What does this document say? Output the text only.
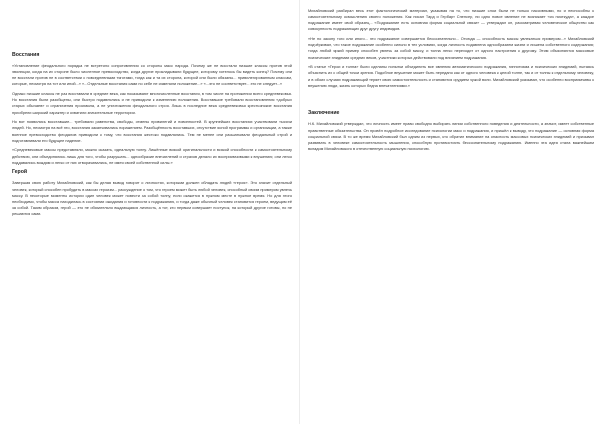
Восстания

«Установление феодального порядка не встретило сопротивления со стороны масс народа. Почему же не восстали низшие классы против этой эволюции, когда на их стороне было численное превосходство, когда другие прокладывали будущее, которому хотелось бы видеть конец? Почему они не восстали против не в соответствии с повседневными тяготами, тогда как и та их сторона, которой они были обязаны... привилегированным классам, которые, несмотря на тот или иной...» «...Отдельные восстания сами по себе не изменили положение...» «...это не соответствует... это не следует...»

Однако низшие классы не раз восставали в средние века, как показывают многочисленные восстания, в том числе на протяжении всего средневековья. Но восстания были разобщены, они быстро подавлялись и не приводили к изменению положения. Восставшие требовали восстановления «добрых старых обычаев» и ограничения произвола, а не уничтожения феодального строя. Лишь в последние века средневековья крестьянские восстания приобрели широкий характер и охватили значительные территории.

Но вот появились восставшие... требовали равенства, свободы, отмены привилегий и повинностей. В крупнейших восстаниях участвовали тысячи людей. Но, несмотря на всё это, восстания заканчивались поражением. Разобщённость восставших, отсутствие ясной программы и организации, а также военное превосходство феодалов приводили к тому, что восстания жестоко подавлялись. Тем не менее они расшатывали феодальный строй и подготавливали его будущее падение.

«Средневековые массы представляли, можно сказать, идеальную толпу. Лишённые всякой оригинальности и всякой способности к самостоятельному действию, они объединялись лишь для того, чтобы разрушать... однообразие впечатлений и страхов делало их восприимчивыми к внушению; они легко поддавались вождям и легко от них отворачивались, не имея своей собственной силы.»

Герой

Завершая свою работу Михайловский, как бы делая вывод говорит о личностях, которыми должен обладать людей «героя». Это значит отдельный человек, который способен пробудить в массах героизм... рассуждение о том, что героем может быть любой человек, способный своим примером увлечь массу. В некоторые моменты истории один человек может повести за собой толпу, если окажется в нужном месте в нужное время. Но для этого необходимо, чтобы масса находилась в состоянии ожидания и готовности к подражанию, и тогда даже обычный человек становится героем, ведущим её за собой. Таким образом, герой — это не обязательно выдающаяся личность, а тот, кто первым совершает поступок, на который другие готовы, но не решаются сами.

Михайловский разбирал весь этот фактологический материал, указывая на то, что низшие слои были не только пассивными, но и неспособны к самостоятельному осмыслению своего положения. Как писал Тард и Гербарт Спенсер, ни одно новое явление не возникает «из ниоткуда», а каждое подражание имеет свой образец... «Подражание есть основная форма социальной связи» — утверждал он, рассматривая человеческое общество как совокупность подражающих друг другу индивидов.

«Не по закону того или иного... это подражание совершается бессознательно... Отсюда — способность массы увлекаться примером...» Михайловский подчёркивал, что такое подражание особенно сильно в тех условиях, когда личность подавлена однообразием жизни и лишена собственного содержания; тогда любой яркий пример способен увлечь за собой массу, и толпа легко переходит от одного настроения к другому. Этим объясняются массовые психические эпидемии средних веков, участники которых действовали под влиянием подражания.

«В статье «Герои и толпа» были сделаны попытки объединить все явления автоматического подражания, гипнотизма и психических эпидемий, пытаясь объяснить их с общей точки зрения. Подобное внушение может быть передано как от одного человека к целой толпе, так и от толпы к отдельному человеку, и в обоих случаях подражающий теряет свою самостоятельность и становится орудием чужой воли. Михайловский указывал, что особенно восприимчивы к внушению люди, жизнь которых бедна впечатлениями.»

Заключение

Н.К. Михайловский утверждал, что личность имеет право свободно выбирать линии собственного поведения и деятельности, а значит, имеет собственные нравственные обязательства. Он провёл подробное исследование психологии масс и подражания, и пришёл к выводу, что подражание — основная форма социальной связи. В то же время Михайловский был одним из первых, кто обратил внимание на опасность массовых психических эпидемий и призывал развивать в человеке самостоятельность мышления, способную противостоять бессознательному подражанию. Именно эта идея стала важнейшим вкладом Михайловского в отечественную социальную психологию.
